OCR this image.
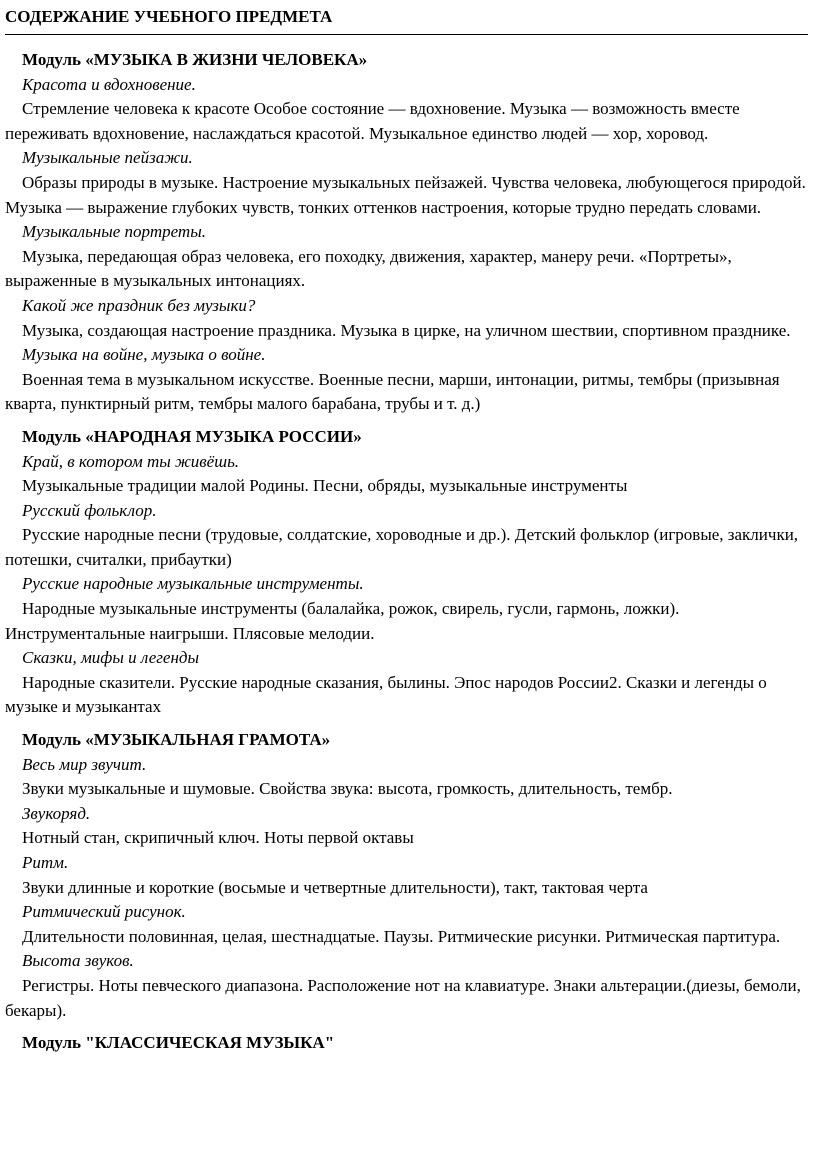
СОДЕРЖАНИЕ УЧЕБНОГО ПРЕДМЕТА

Модуль «МУЗЫКА В ЖИЗНИ ЧЕЛОВЕКА»

Красота и вдохновение.

Стремление человека к красоте Особое состояние — вдохновение. Музыка — возможность вместе переживать вдохновение, наслаждаться красотой. Музыкальное единство людей — хор, хоровод.

Музыкальные пейзажи.

Образы природы в музыке. Настроение музыкальных пейзажей. Чувства человека, любующегося природой. Музыка — выражение глубоких чувств, тонких оттенков настроения, которые трудно передать словами.

Музыкальные портреты.

Музыка, передающая образ человека, его походку, движения, характер, манеру речи. «Портреты», выраженные в музыкальных интонациях.

Какой же праздник без музыки?

Музыка, создающая настроение праздника. Музыка в цирке, на уличном шествии, спортивном празднике.

Музыка на войне, музыка о войне.

Военная тема в музыкальном искусстве. Военные песни, марши, интонации, ритмы, тембры (призывная кварта, пунктирный ритм, тембры малого барабана, трубы и т. д.)

Модуль «НАРОДНАЯ МУЗЫКА РОССИИ»

Край, в котором ты живёшь.

Музыкальные традиции малой Родины. Песни, обряды, музыкальные инструменты

Русский фольклор.

Русские народные песни (трудовые, солдатские, хороводные и др.). Детский фольклор (игровые, заклички, потешки, считалки, прибаутки)

Русские народные музыкальные инструменты.

Народные музыкальные инструменты (балалайка, рожок, свирель, гусли, гармонь, ложки). Инструментальные наигрыши. Плясовые мелодии.

Сказки, мифы и легенды

Народные сказители. Русские народные сказания, былины. Эпос народов России2. Сказки и легенды о музыке и музыкантах

Модуль «МУЗЫКАЛЬНАЯ ГРАМОТА»

Весь мир звучит.

Звуки музыкальные и шумовые. Свойства звука: высота, громкость, длительность, тембр.

Звукоряд.

Нотный стан, скрипичный ключ. Ноты первой октавы

Ритм.

Звуки длинные и короткие (восьмые и четвертные длительности), такт, тактовая черта

Ритмический рисунок.

Длительности половинная, целая, шестнадцатые. Паузы. Ритмические рисунки. Ритмическая партитура.

Высота звуков.

Регистры. Ноты певческого диапазона. Расположение нот на клавиатуре. Знаки альтерации.(диезы, бемоли, бекары).

Модуль "КЛАССИЧЕСКАЯ МУЗЫКА"
